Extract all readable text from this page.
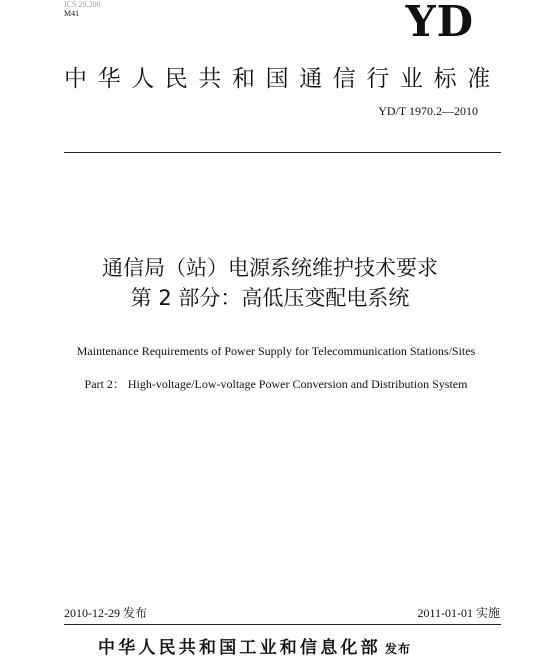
ICS 29.200
M41	YD
中华人民共和国通信行业标准
YD/T 1970.2—2010
通信局（站）电源系统维护技术要求
第 2 部分：高低压变配电系统
Maintenance Requirements of Power Supply for Telecommunication Stations/Sites
Part 2： High-voltage/Low-voltage Power Conversion and Distribution System
2010-12-29 发布	2011-01-01 实施
中华人民共和国工业和信息化部 发布
